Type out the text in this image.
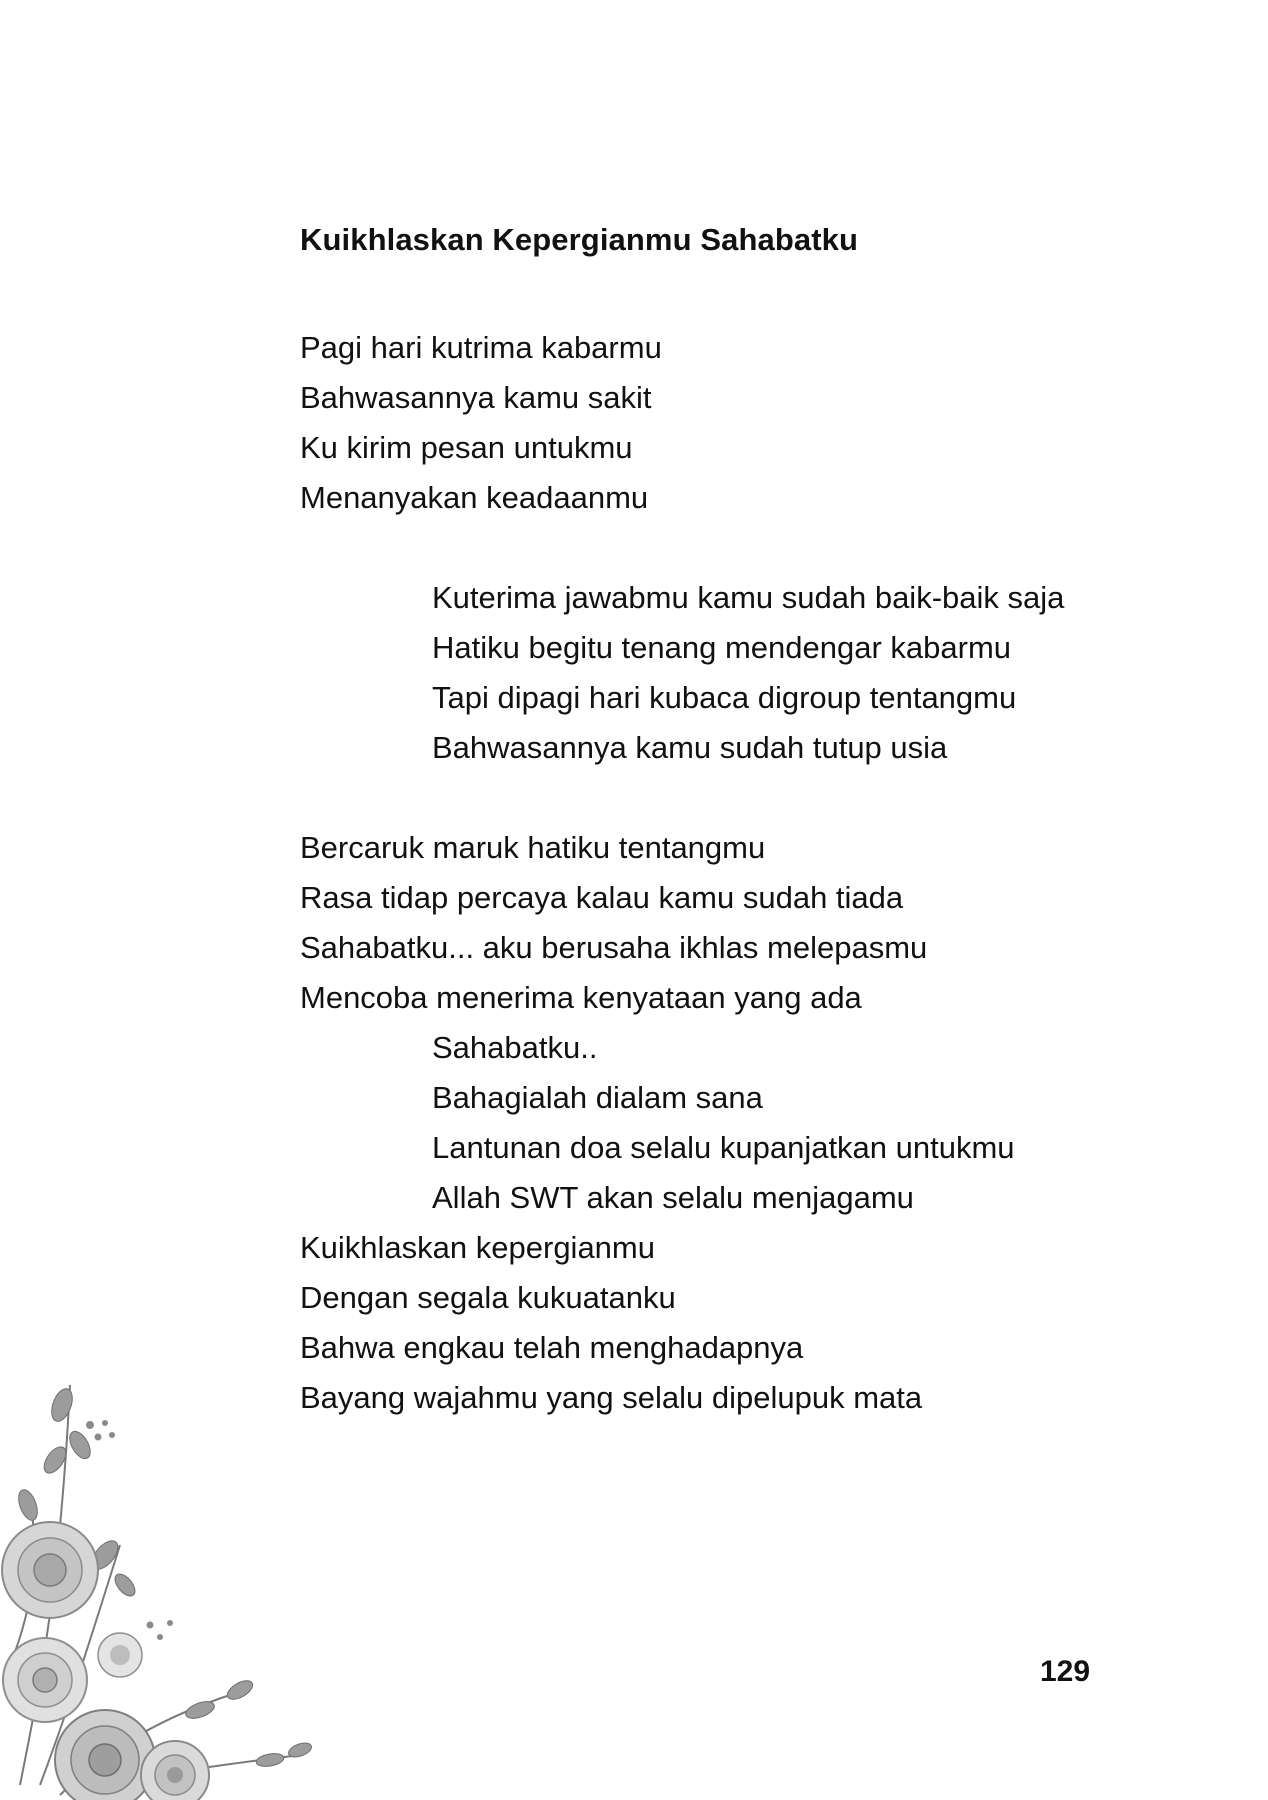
Kuikhlaskan Kepergianmu Sahabatku
Pagi hari kutrima kabarmu
Bahwasannya kamu sakit
Ku kirim pesan untukmu
Menanyakan keadaanmu
Kuterima jawabmu kamu sudah baik-baik saja
Hatiku begitu tenang mendengar kabarmu
Tapi dipagi hari kubaca digroup tentangmu
Bahwasannya kamu sudah tutup usia
Bercaruk maruk hatiku tentangmu
Rasa tidap percaya kalau kamu sudah tiada
Sahabatku... aku berusaha ikhlas melepasmu
Mencoba menerima kenyataan yang ada
Sahabatku..
Bahagialah dialam sana
Lantunan doa selalu kupanjatkan untukmu
Allah SWT akan selalu menjagamu
Kuikhlaskan kepergianmu
Dengan segala kukuatanku
Bahwa engkau telah menghadapnya
Bayang wajahmu yang selalu dipelupuk mata
129
